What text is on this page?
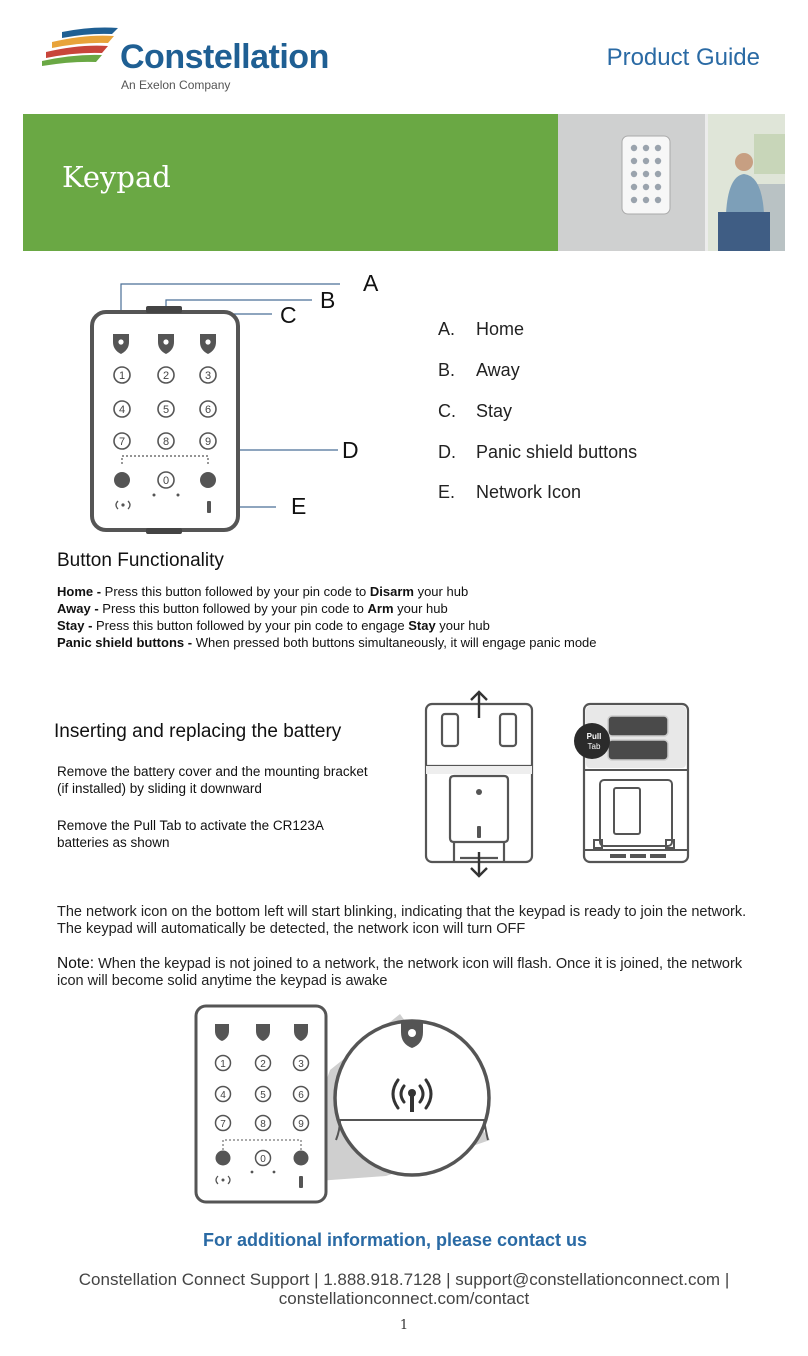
Constellation
An Exelon Company
Product Guide
Keypad
1	2	3
4	5	6
7	8	9
0
A
B
C
D
E
A. Home
B. Away
C. Stay
D. Panic shield buttons
E. Network Icon
Button Functionality
Home - Press this button followed by your pin code to Disarm your hub
Away - Press this button followed by your pin code to Arm your hub
Stay - Press this button followed by your pin code to engage Stay your hub
Panic shield buttons - When pressed both buttons simultaneously, it will engage panic mode
Inserting and replacing the battery
Remove the battery cover and the mounting bracket
(if installed) by sliding it downward
Remove the Pull Tab to activate the CR123A
batteries as shown
Pull
Tab
The network icon on the bottom left will start blinking, indicating that the keypad is ready to join the network.
The keypad will automatically be detected, the network icon will turn OFF
Note: When the keypad is not joined to a network, the network icon will flash. Once it is joined, the network
icon will become solid anytime the keypad is awake
1	2	3
4	5	6
7	8	9
0
For additional information, please contact us
Constellation Connect Support | 1.888.918.7128 | support@constellationconnect.com |
constellationconnect.com/contact
1
